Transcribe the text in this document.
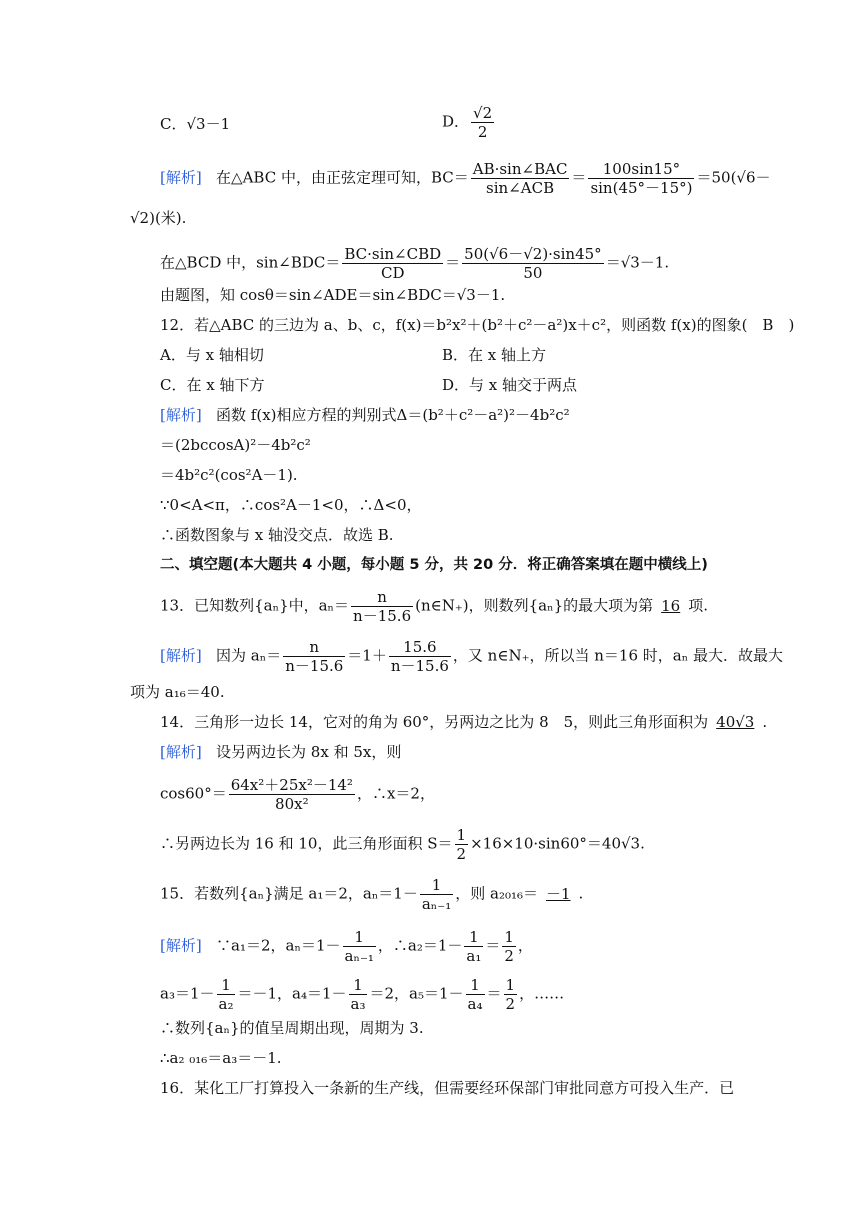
C．√3－1	D． $\frac{√2}{2}$
[解析] 在△ABC 中，由正弦定理可知，$BC= \frac{\text{AB·sin∠BAC}}{\text{sin∠ACB}} = \frac{100\sin 15^\circ}{\sin(45^\circ-15^\circ)} =50(√6-$
√2)(米).
在△BCD 中，sin∠BDC＝ $\frac{\text{BC·sin∠CBD}}{CD} = \frac{50(√6-√2)\cdot\sin 45^\circ}{50} =√3-1$.
由题图，知 cosθ＝sin∠ADE＝sin∠BDC＝√3－1.
12．若△ABC 的三边为 a、b、c，f(x)＝b²x²＋(b²＋c²－a²)x＋c²，则函数 f(x)的图象(　B　)
A．与 x 轴相切	B．在 x 轴上方
C．在 x 轴下方	D．与 x 轴交于两点
[解析] 函数 f(x)相应方程的判别式Δ＝(b²＋c²－a²)²－4b²c²
＝(2bccosA)²－4b²c²
＝4b²c²(cos²A－1).
∵0<A<π，∴cos²A－1<0，∴Δ<0，
∴函数图象与 x 轴没交点．故选 B.
二、填空题(本大题共 4 小题，每小题 5 分，共 20 分．将正确答案填在题中横线上)
13．已知数列{aₙ}中，$a_n= \frac{n}{n-15.6}$ (n∈N₊)，则数列{aₙ}的最大项为第 16 项.
[解析] 因为 $a_n= \frac{n}{n-15.6} =1+ \frac{15.6}{n-15.6}$ ，又 n∈N₊，所以当 n＝16 时，aₙ 最大．故最大
项为 a₁₆＝40.
14．三角形一边长 14，它对的角为 60°，另两边之比为 8　5，则此三角形面积为 40√3 .
[解析] 设另两边长为 8x 和 5x，则
$\cos 60^\circ= \frac{\text{64x²＋25x²－14²}}{\text{80x²}}$ ，∴x＝2，
∴另两边长为 16 和 10，此三角形面积 $S= \frac{1}{2} \times 16\times 10\cdot\sin 60^\circ=40√3$.
15．若数列{aₙ}满足 a₁＝2，$a_n=1- \frac{1}{\text{aₙ₋₁}}$ ，则 a₂₀₁₆＝ －1 .
[解析] ∵a₁＝2，$a_n=1- \frac{1}{\text{aₙ₋₁}}$ ，∴a₂＝1－ $\frac{1}{\text{a₁}} = \frac{1}{2}$ ，
$a_3=1- \frac{1}{\text{a₂}} =-1$，$a_4=1- \frac{1}{\text{a₃}} =2$，$a_5=1- \frac{1}{\text{a₄}} = \frac{1}{2}$ ，……
∴数列{aₙ}的值呈周期出现，周期为 3.
∴a₂ ₀₁₆＝a₃＝－1.
16．某化工厂打算投入一条新的生产线，但需要经环保部门审批同意方可投入生产．已
